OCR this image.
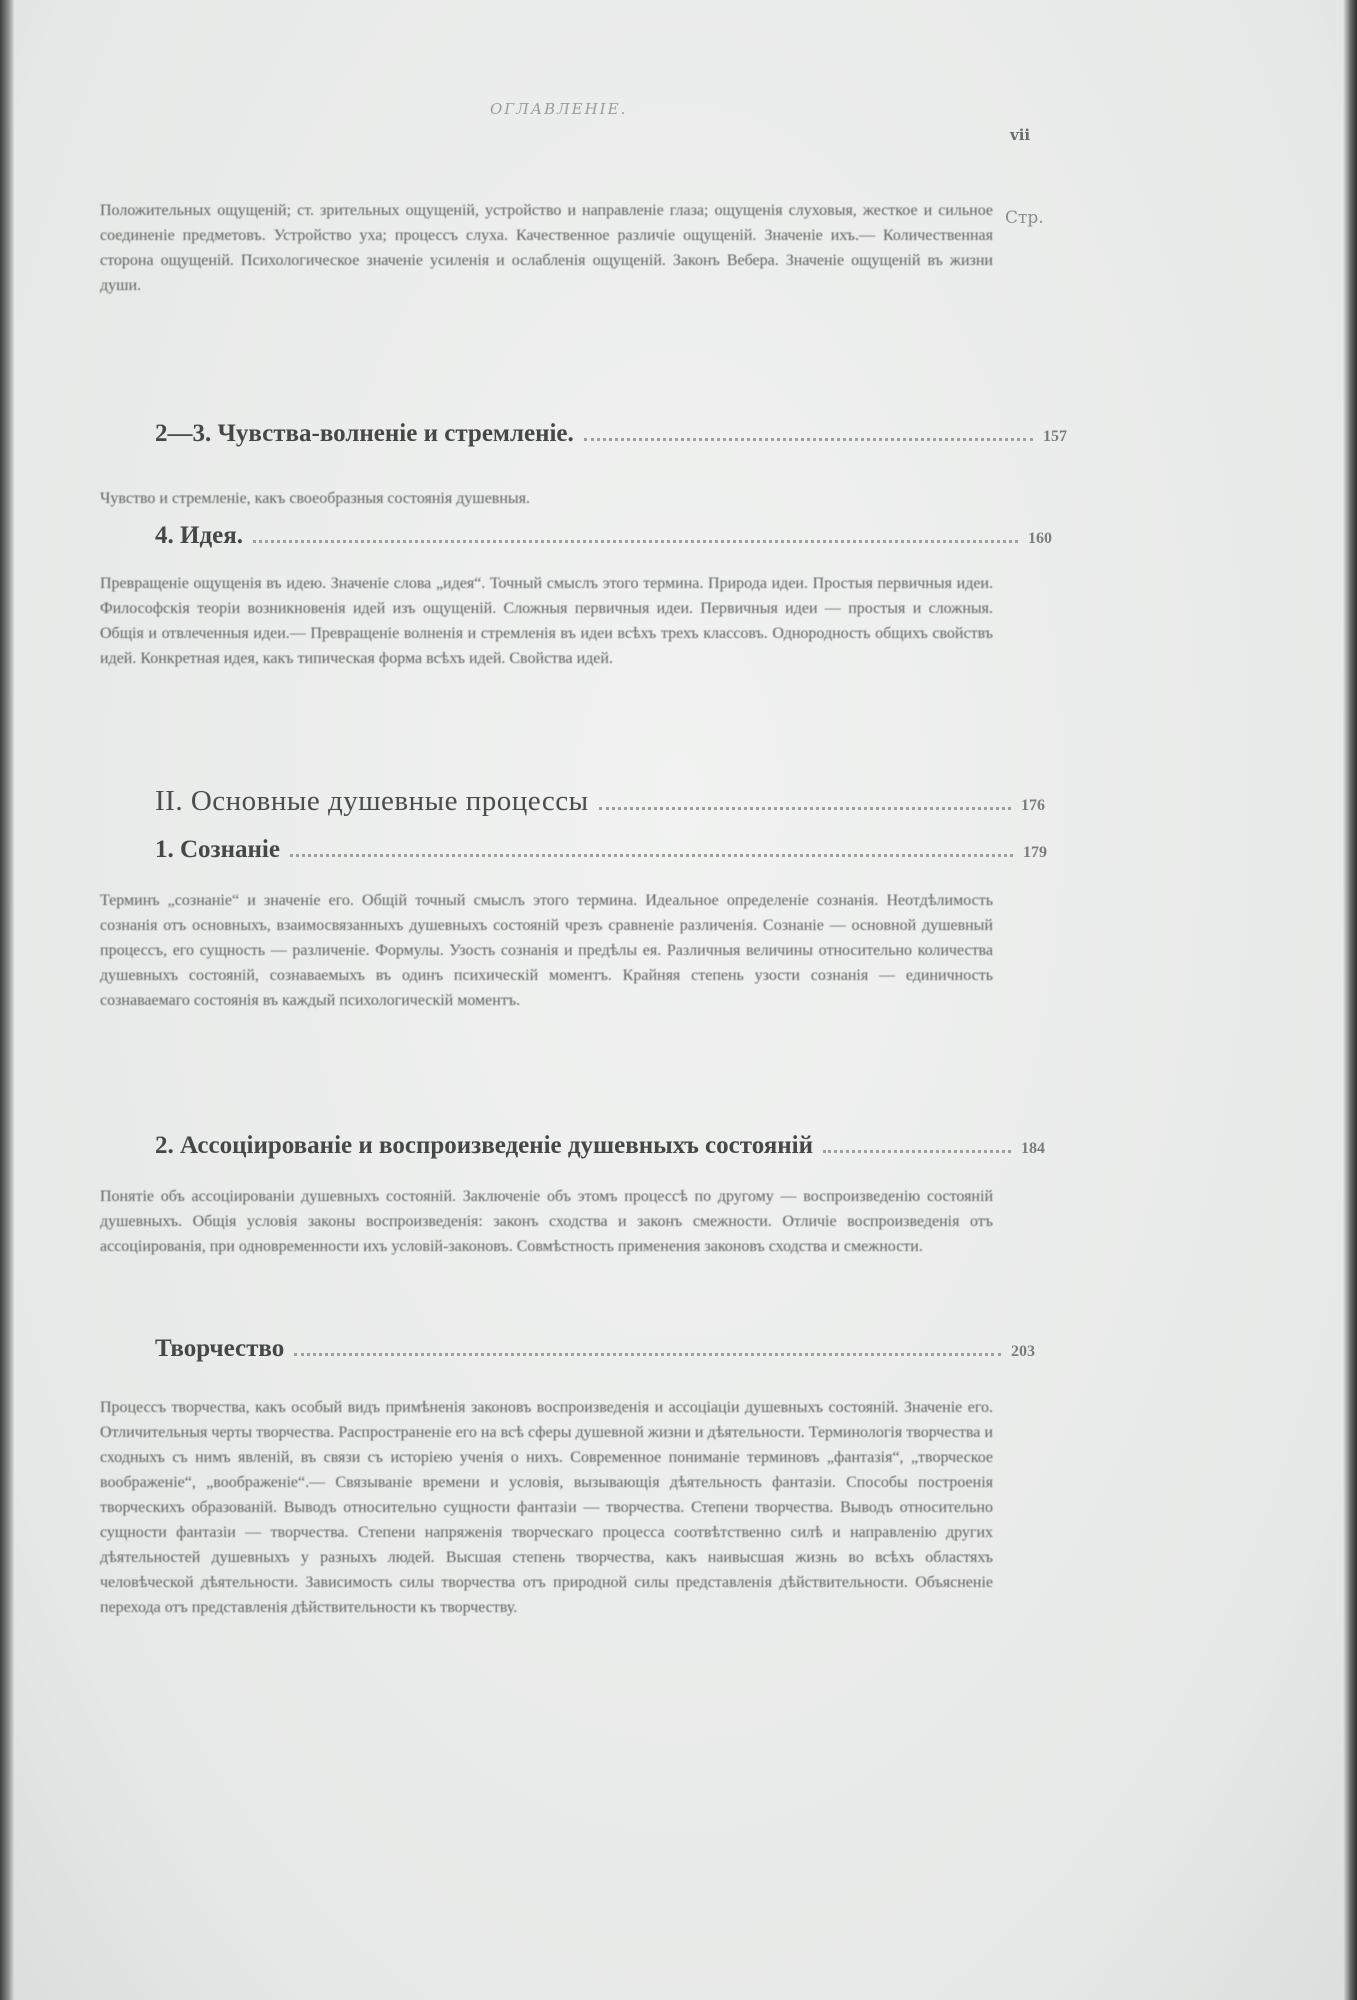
ОГЛАВЛЕНІЕ.
vii
Стр.
Положительных ощущеній; ст. зрительных ощущеній, устройство и направленіе глаза; ощущенія слуховыя, жесткое и сильное соединеніе предметовъ. Устройство уха; процессъ слуха. Качественное различіе ощущеній. Значеніе ихъ.— Количественная сторона ощущеній. Психологическое значеніе усиленія и ослабленія ощущеній. Законъ Вебера. Значеніе ощущеній въ жизни души.
2—3. Чувства-волненіе и стремленіе.	157
Чувство и стремленіе, какъ своеобразныя состоянія душевныя.
4. Идея.	160
Превращеніе ощущенія въ идею. Значеніе слова „идея“. Точный смыслъ этого термина. Природа идеи. Простыя первичныя идеи. Философскія теоріи возникновенія идей изъ ощущеній. Сложныя первичныя идеи. Первичныя идеи — простыя и сложныя. Общія и отвлеченныя идеи.— Превращеніе волненія и стремленія въ идеи всѣхъ трехъ классовъ. Однородность общихъ свойствъ идей. Конкретная идея, какъ типическая форма всѣхъ идей. Свойства идей.
II. Основные душевные процессы	176
1. Сознаніе	179
Терминъ „сознаніе“ и значеніе его. Общій точный смыслъ этого термина. Идеальное определеніе сознанія. Неотдѣлимость сознанія отъ основныхъ, взаимосвязанныхъ душевныхъ состояній чрезъ сравненіе различенія. Сознаніе — основной душевный процессъ, его сущность — различеніе. Формулы. Узость сознанія и предѣлы ея. Различныя величины относительно количества душевныхъ состояній, сознаваемыхъ въ одинъ психическій моментъ. Крайняя степень узости сознанія — единичность сознаваемаго состоянія въ каждый психологическій моментъ.
2. Ассоціированіе и воспроизведеніе душевныхъ состояній	184
Понятіе объ ассоціированіи душевныхъ состояній. Заключеніе объ этомъ процессѣ по другому — воспроизведенію состояній душевныхъ. Общія условія законы воспроизведенія: законъ сходства и законъ смежности. Отличіе воспроизведенія отъ ассоціированія, при одновременности ихъ условій-законовъ. Совмѣстность применения законовъ сходства и смежности.
Творчество	203
Процессъ творчества, какъ особый видъ примѣненія законовъ воспроизведенія и ассоціаціи душевныхъ состояній. Значеніе его. Отличительныя черты творчества. Распространеніе его на всѣ сферы душевной жизни и дѣятельности. Терминологія творчества и сходныхъ съ нимъ явленій, въ связи съ исторіею ученія о нихъ. Современное пониманіе терминовъ „фантазія“, „творческое воображеніе“, „воображеніе“.— Связываніе времени и условія, вызывающія дѣятельность фантазіи. Способы построенія творческихъ образованій. Выводъ относительно сущности фантазіи — творчества. Степени творчества. Выводъ относительно сущности фантазіи — творчества. Степени напряженія творческаго процесса соотвѣтственно силѣ и направленію других дѣятельностей душевныхъ у разныхъ людей. Высшая степень творчества, какъ наивысшая жизнь во всѣхъ областяхъ человѣческой дѣятельности. Зависимость силы творчества отъ природной силы представленія дѣйствительности. Объясненіе перехода отъ представленія дѣйствительности къ творчеству.
